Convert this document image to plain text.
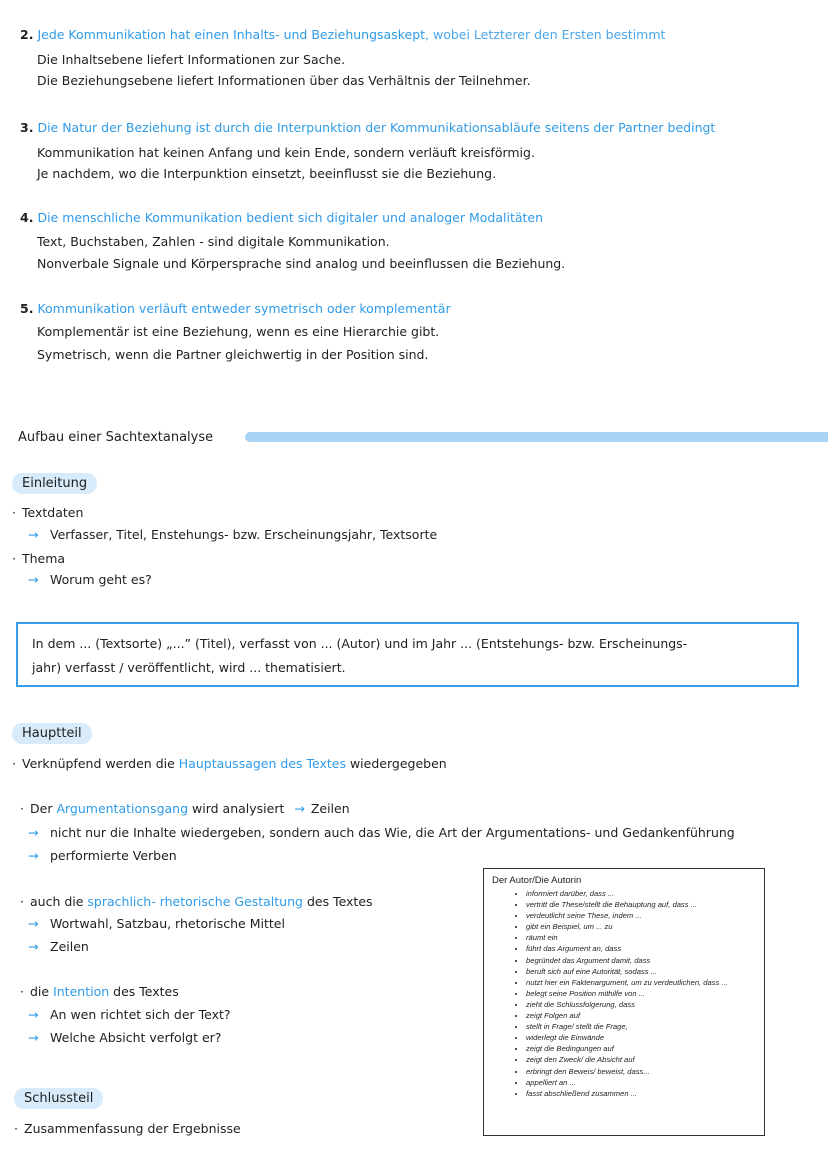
2. Jede Kommunikation hat einen Inhalts- und Beziehungsaskept, wobei Letzterer den Ersten bestimmt
Die Inhaltsebene liefert Informationen zur Sache.
Die Beziehungsebene liefert Informationen über das Verhältnis der Teilnehmer.
3. Die Natur der Beziehung ist durch die Interpunktion der Kommunikationsabläufe seitens der Partner bedingt
Kommunikation hat keinen Anfang und kein Ende, sondern verläuft kreisförmig.
Je nachdem, wo die Interpunktion einsetzt, beeinflusst sie die Beziehung.
4. Die menschliche Kommunikation bedient sich digitaler und analoger Modalitäten
Text, Buchstaben, Zahlen - sind digitale Kommunikation.
Nonverbale Signale und Körpersprache sind analog und beeinflussen die Beziehung.
5. Kommunikation verläuft entweder symetrisch oder komplementär
Komplementär ist eine Beziehung, wenn es eine Hierarchie gibt.
Symetrisch, wenn die Partner gleichwertig in der Position sind.
Aufbau einer Sachtextanalyse
Einleitung
· Textdaten
→ Verfasser, Titel, Enstehungs- bzw. Erscheinungsjahr, Textsorte
· Thema
→ Worum geht es?
In dem ... (Textsorte) „...” (Titel), verfasst von ... (Autor) und im Jahr ... (Entstehungs- bzw. Erscheinungs-
jahr) verfasst / veröffentlicht, wird ... thematisiert.
Hauptteil
· Verknüpfend werden die Hauptaussagen des Textes wiedergegeben
· Der Argumentationsgang wird analysiert → Zeilen
→ nicht nur die Inhalte wiedergeben, sondern auch das Wie, die Art der Argumentations- und Gedankenführung
→ performierte Verben
· auch die sprachlich- rhetorische Gestaltung des Textes
→ Wortwahl, Satzbau, rhetorische Mittel
→ Zeilen
· die Intention des Textes
→ An wen richtet sich der Text?
→ Welche Absicht verfolgt er?
Schlussteil
· Zusammenfassung der Ergebnisse
Der Autor/Die Autorin
• informiert darüber, dass ...
• vertritt die These/stellt die Behauptung auf, dass ...
• verdeutlicht seine These, indem ...
• gibt ein Beispiel, um ... zu
• räumt ein
• führt das Argument an, dass
• begründet das Argument damit, dass
• beruft sich auf eine Autorität, sodass ...
• nutzt hier ein Faktenargument, um zu verdeutlichen, dass ...
• belegt seine Position mithilfe von ...
• zieht die Schlussfolgerung, dass
• zeigt Folgen auf
• stellt in Frage/ stellt die Frage,
• widerlegt die Einwände
• zeigt die Bedingungen auf
• zeigt den Zweck/ die Absicht auf
• erbringt den Beweis/ beweist, dass...
• appelliert an ...
• fasst abschließend zusammen ...
